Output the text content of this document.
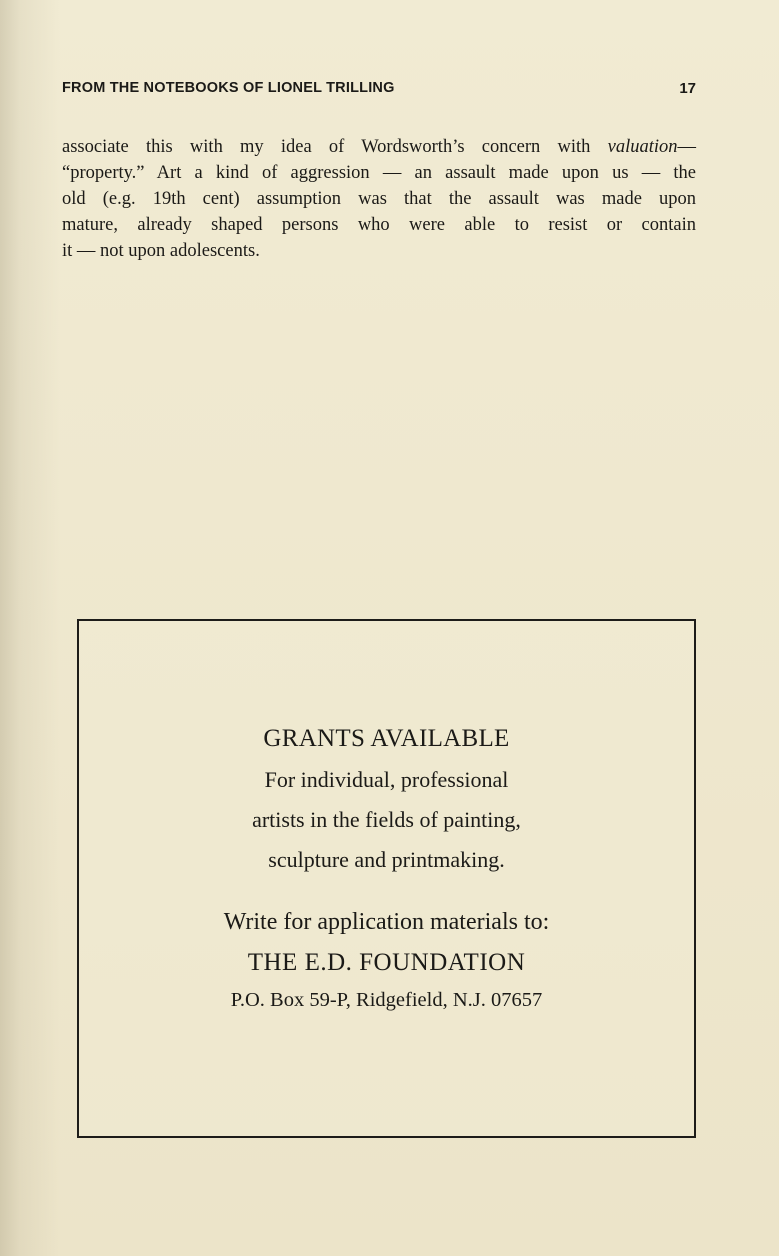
FROM THE NOTEBOOKS OF LIONEL TRILLING	17
associate this with my idea of Wordsworth’s concern with valuation—
“property.” Art a kind of aggression — an assault made upon us — the
old (e.g. 19th cent) assumption was that the assault was made upon
mature, already shaped persons who were able to resist or contain
it — not upon adolescents.
GRANTS AVAILABLE
For individual, professional
artists in the fields of painting,
sculpture and printmaking.
Write for application materials to:
THE E.D. FOUNDATION
P.O. Box 59-P, Ridgefield, N.J. 07657
